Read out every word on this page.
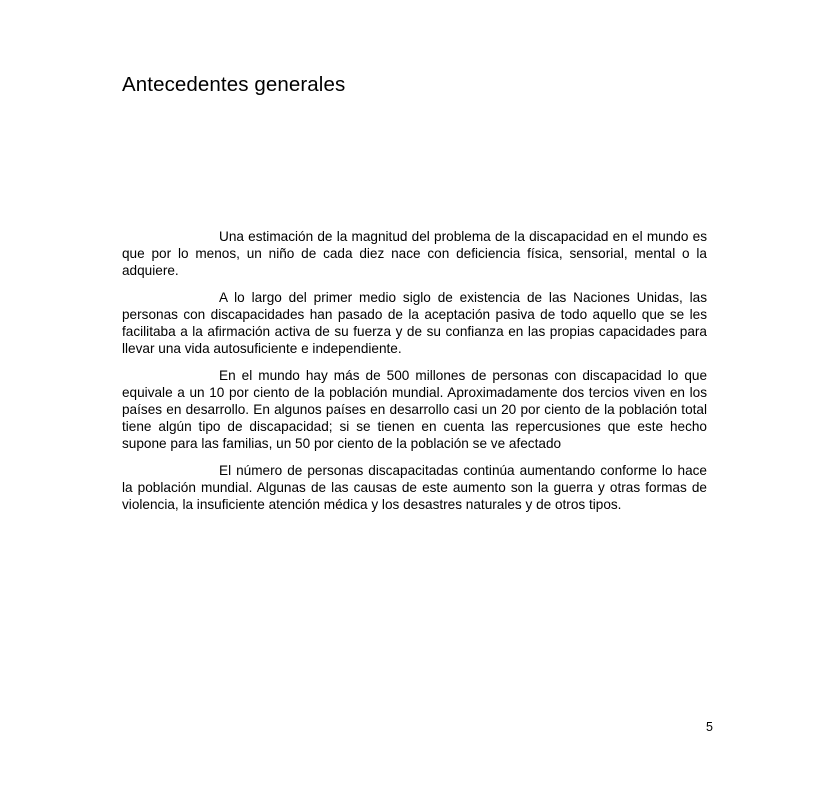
Antecedentes generales

Una estimación de la magnitud del problema de la discapacidad en el mundo es que por lo menos, un niño de cada diez nace con deficiencia física, sensorial, mental o la adquiere.

A lo largo del primer medio siglo de existencia de las Naciones Unidas, las personas con discapacidades han pasado de la aceptación pasiva de todo aquello que se les facilitaba a la afirmación activa de su fuerza y de su confianza en las propias capacidades para llevar una vida autosuficiente e independiente.

En el mundo hay más de 500 millones de personas con discapacidad lo que equivale a un 10 por ciento de la población mundial. Aproximadamente dos tercios viven en los países en desarrollo. En algunos países en desarrollo casi un 20 por ciento de la población total tiene algún tipo de discapacidad; si se tienen en cuenta las repercusiones que este hecho supone para las familias, un 50 por ciento de la población se ve afectado

El número de personas discapacitadas continúa aumentando conforme lo hace la población mundial. Algunas de las causas de este aumento son la guerra y otras formas de violencia, la insuficiente atención médica y los desastres naturales y de otros tipos.

5
